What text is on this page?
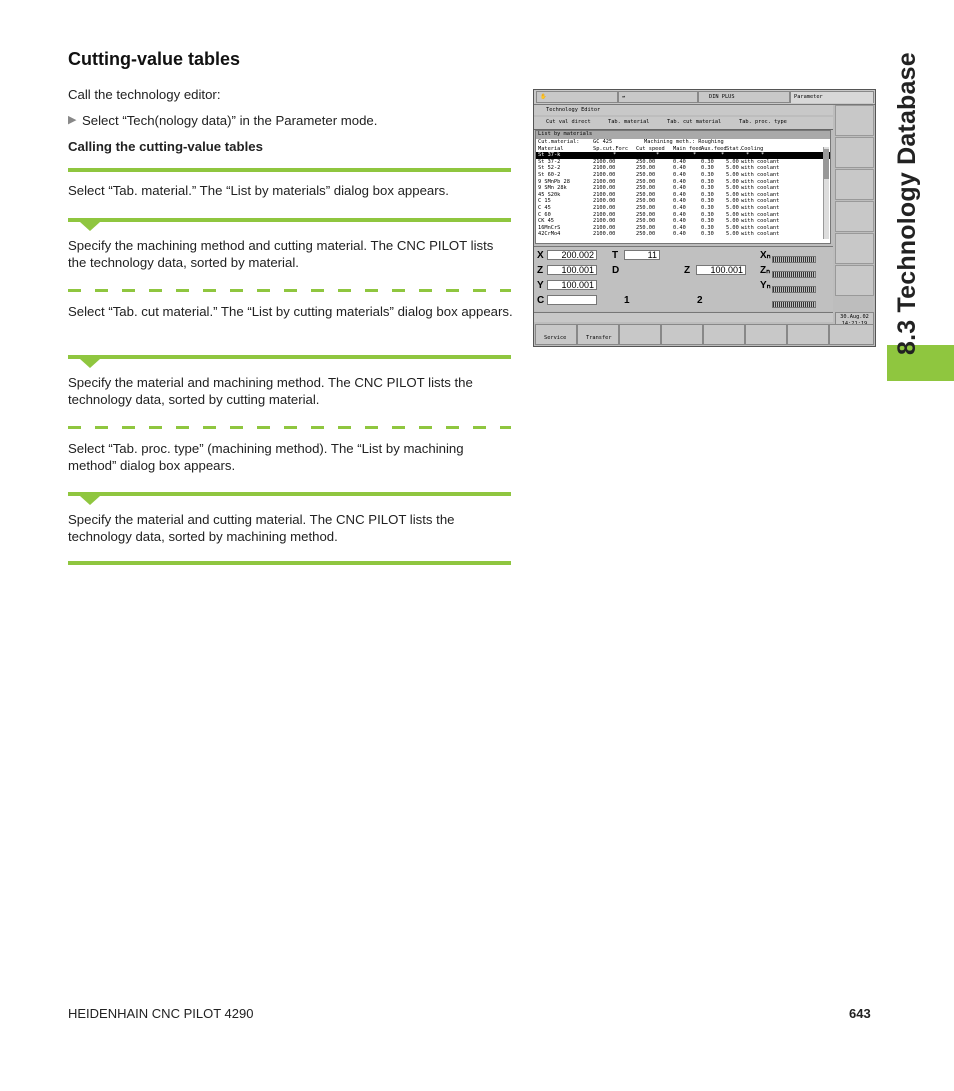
Cutting-value tables

Call the technology editor:

▶ Select “Tech(nology data)” in the Parameter mode.

Calling the cutting-value tables

Select “Tab. material.” The “List by materials” dialog box appears.

Specify the machining method and cutting material. The CNC PILOT lists the technology data, sorted by material.

Select “Tab. cut material.” The “List by cutting materials” dialog box appears.

Specify the material and machining method. The CNC PILOT lists the technology data, sorted by cutting material.

Select “Tab. proc. type” (machining method). The “List by machining method” dialog box appears.

Specify the material and cutting material. The CNC PILOT lists the technology data, sorted by machining method.

8.3 Technology Database
HEIDENHAIN CNC PILOT 4290	643
✋	⇛	DIN PLUS	Parameter
Technology Editor
Cut val direct	Tab. material	Tab. cut material	Tab. proc. type
List by materials

Cut.material:

	GC 425

	Machining meth.: Roughing

Material	Sp.cut.Forc Cut speed Main feed Aux.feed Stat. Cooling
St 37-k	*	*	*	*	* *
St 37-2	2100.00	250.00	0.40	0.30 5.00 with coolant
St 52-2	2100.00	250.00	0.40	0.30 5.00 with coolant
St 60-2	2100.00	250.00	0.40	0.30 5.00 with coolant
9 SMnPb 28	2100.00	250.00	0.40	0.30 5.00 with coolant
9 SMn 28k	2100.00	250.00	0.40	0.30 5.00 with coolant
45 S20k	2100.00	250.00	0.40	0.30 5.00 with coolant
C 15	2100.00	250.00	0.40	0.30 5.00 with coolant
C 45	2100.00	250.00	0.40	0.30 5.00 with coolant
C 60	2100.00	250.00	0.40	0.30 5.00 with coolant
CK 45	2100.00	250.00	0.40	0.30 5.00 with coolant
16MnCrS	2100.00	250.00	0.40	0.30 5.00 with coolant
42CrMo4	2100.00	250.00	0.40	0.30 5.00 with coolant
X	200.002
Z	100.001
Y	100.001
C
T	11
D	Z	100.001
1	2
Xₙ
Zₙ
Yₙ
30.Aug.02
Service	Transfer
